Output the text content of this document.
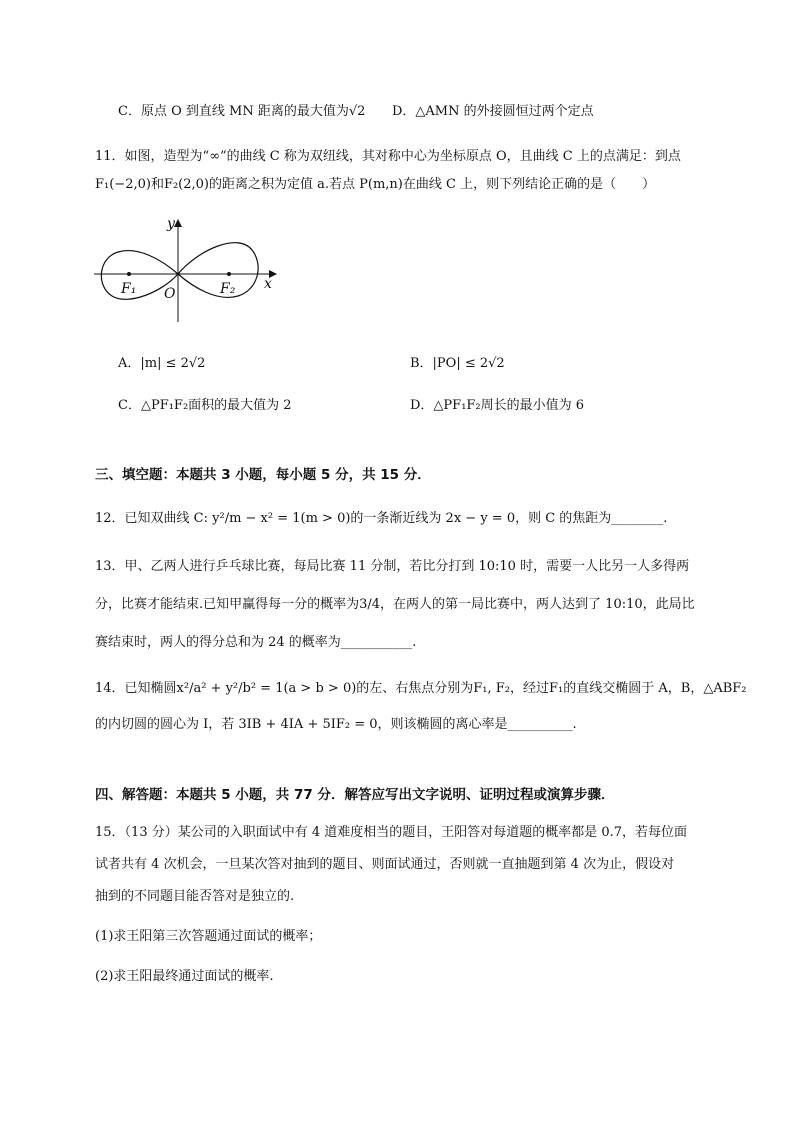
C．原点 O 到直线 MN 距离的最大值为√2 D．△AMN 的外接圆恒过两个定点
11．如图，造型为“∞”的曲线 C 称为双纽线，其对称中心为坐标原点 O，且曲线 C 上的点满足：到点
F₁(−2,0)和F₂(2,0)的距离之积为定值 a.若点 P(m,n)在曲线 C 上，则下列结论正确的是（　　）
y
x
O
F₁	F₂
A．|m| ≤ 2√2	B．|PO| ≤ 2√2
C．△PF₁F₂面积的最大值为 2	D．△PF₁F₂周长的最小值为 6
三、填空题：本题共 3 小题，每小题 5 分，共 15 分．
12．已知双曲线 C: y²/m − x² = 1(m > 0)的一条渐近线为 2x − y = 0，则 C 的焦距为________.
13．甲、乙两人进行乒乓球比赛，每局比赛 11 分制，若比分打到 10:10 时，需要一人比另一人多得两
分，比赛才能结束.已知甲赢得每一分的概率为3/4，在两人的第一局比赛中，两人达到了 10:10，此局比
赛结束时，两人的得分总和为 24 的概率为___________.
14．已知椭圆x²/a² + y²/b² = 1(a > b > 0)的左、右焦点分别为F₁, F₂，经过F₁的直线交椭圆于 A，B，△ABF₂
的内切圆的圆心为 I，若 3IB + 4IA + 5IF₂ = 0，则该椭圆的离心率是__________.
四、解答题：本题共 5 小题，共 77 分．解答应写出文字说明、证明过程或演算步骤．
15．（13 分）某公司的入职面试中有 4 道难度相当的题目，王阳答对每道题的概率都是 0.7，若每位面
试者共有 4 次机会，一旦某次答对抽到的题目、则面试通过，否则就一直抽题到第 4 次为止，假设对
抽到的不同题目能否答对是独立的.
(1)求王阳第三次答题通过面试的概率；
(2)求王阳最终通过面试的概率.
